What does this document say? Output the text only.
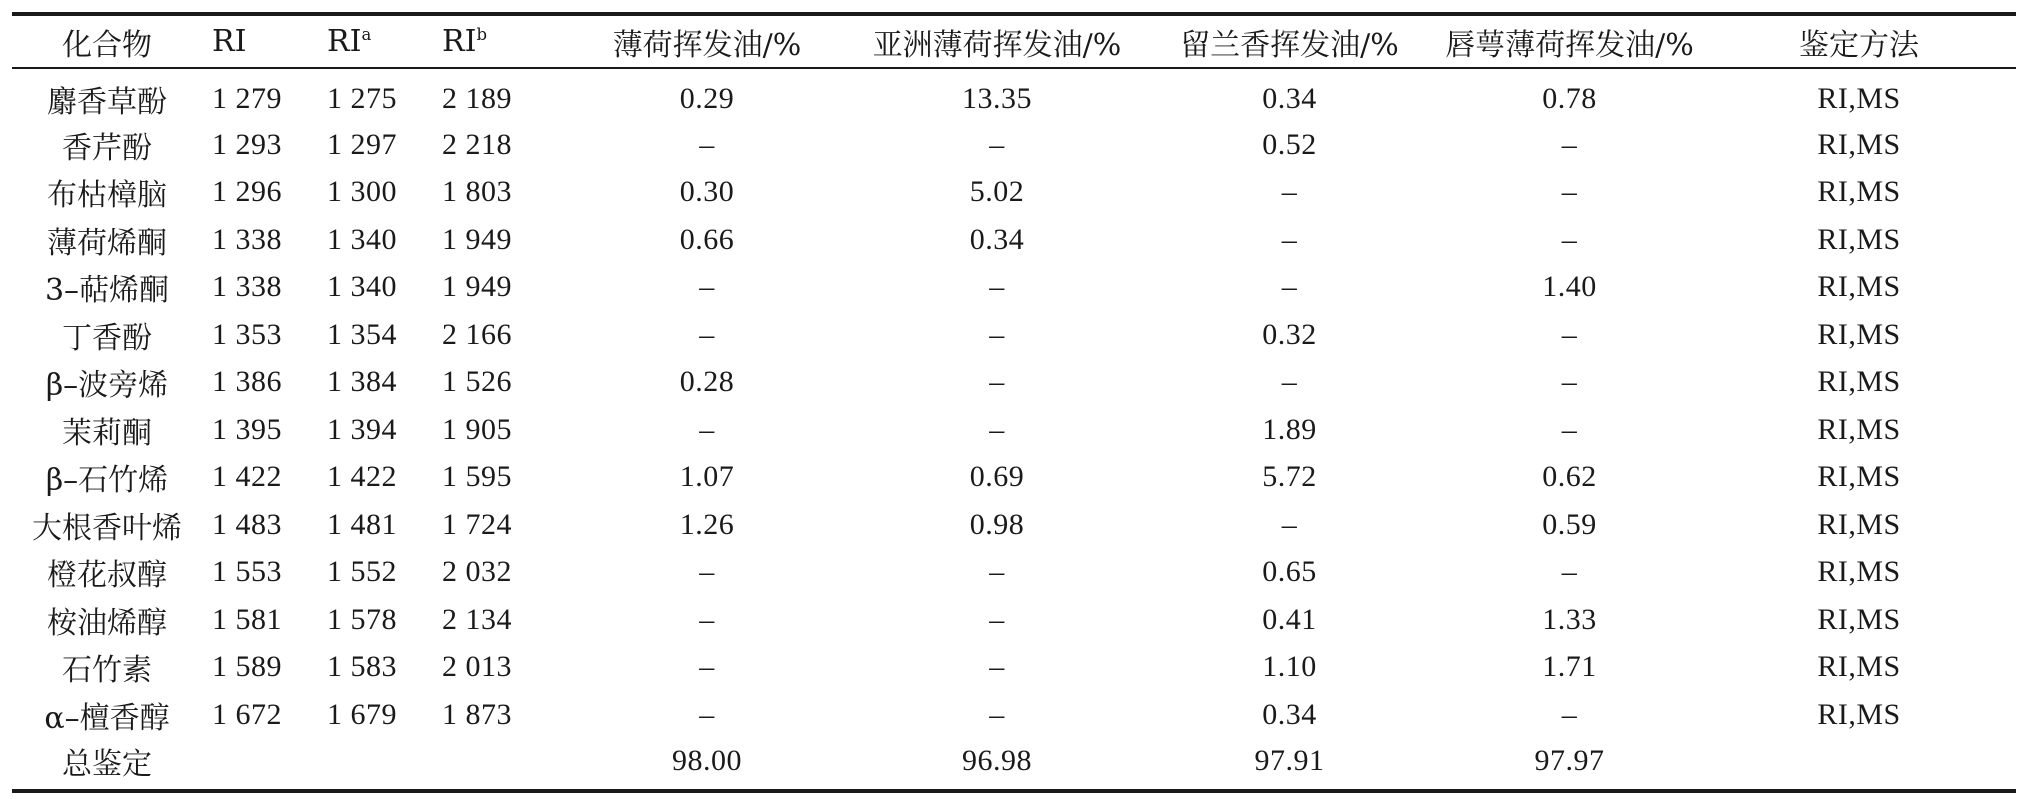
化合物	RI	$RI^a$	$RI^b$	薄荷挥发油/%	亚洲薄荷挥发油/%	留兰香挥发油/%	唇萼薄荷挥发油/%	鉴定方法
麝香草酚	1 279	1 275	2 189	0.29	13.35	0.34	0.78	RI,MS
香芹酚	1 293	1 297	2 218	–	–	0.52	–	RI,MS
布枯樟脑	1 296	1 300	1 803	0.30	5.02	–	–	RI,MS
薄荷烯酮	1 338	1 340	1 949	0.66	0.34	–	–	RI,MS
3–萜烯酮	1 338	1 340	1 949	–	–	–	1.40	RI,MS
丁香酚	1 353	1 354	2 166	–	–	0.32	–	RI,MS
β–波旁烯	1 386	1 384	1 526	0.28	–	–	–	RI,MS
茉莉酮	1 395	1 394	1 905	–	–	1.89	–	RI,MS
β–石竹烯	1 422	1 422	1 595	1.07	0.69	5.72	0.62	RI,MS
大根香叶烯	1 483	1 481	1 724	1.26	0.98	–	0.59	RI,MS
橙花叔醇	1 553	1 552	2 032	–	–	0.65	–	RI,MS
桉油烯醇	1 581	1 578	2 134	–	–	0.41	1.33	RI,MS
石竹素	1 589	1 583	2 013	–	–	1.10	1.71	RI,MS
α–檀香醇	1 672	1 679	1 873	–	–	0.34	–	RI,MS
总鉴定				98.00	96.98	97.91	97.97	
